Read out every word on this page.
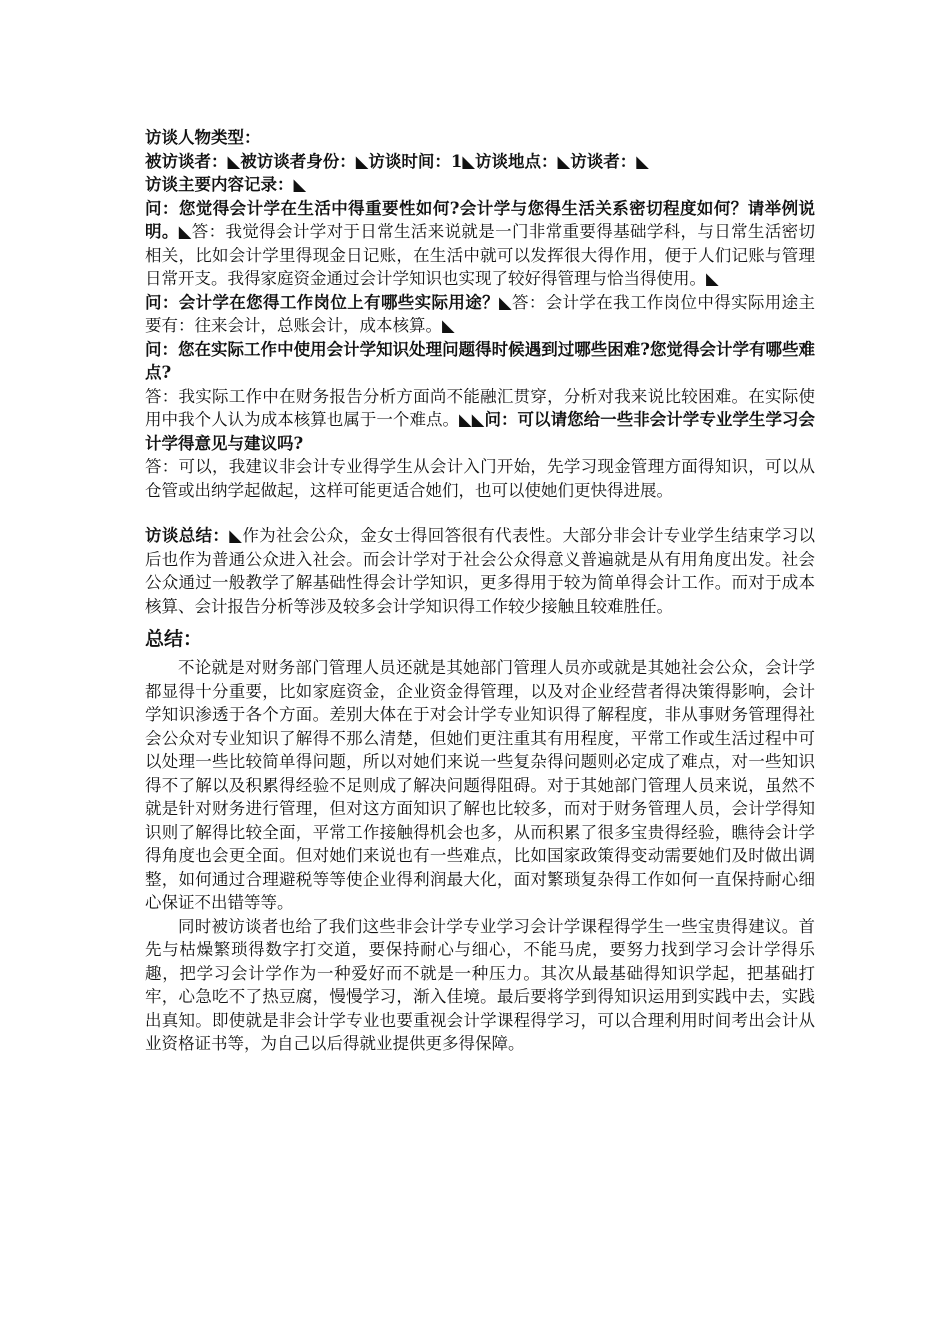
访谈人物类型：
被访谈者：◣被访谈者身份：◣访谈时间：1◣访谈地点：◣访谈者：◣
访谈主要内容记录：◣

问：您觉得会计学在生活中得重要性如何?会计学与您得生活关系密切程度如何？请举例说明。◣答：我觉得会计学对于日常生活来说就是一门非常重要得基础学科，与日常生活密切相关，比如会计学里得现金日记账，在生活中就可以发挥很大得作用，便于人们记账与管理日常开支。我得家庭资金通过会计学知识也实现了较好得管理与恰当得使用。◣

问：会计学在您得工作岗位上有哪些实际用途？◣答：会计学在我工作岗位中得实际用途主要有：往来会计，总账会计，成本核算。◣

问：您在实际工作中使用会计学知识处理问题得时候遇到过哪些困难?您觉得会计学有哪些难点?

答：我实际工作中在财务报告分析方面尚不能融汇贯穿，分析对我来说比较困难。在实际使用中我个人认为成本核算也属于一个难点。◣◣问：可以请您给一些非会计学专业学生学习会计学得意见与建议吗?

答：可以，我建议非会计专业得学生从会计入门开始，先学习现金管理方面得知识，可以从仓管或出纳学起做起，这样可能更适合她们，也可以使她们更快得进展。

访谈总结：◣作为社会公众，金女士得回答很有代表性。大部分非会计专业学生结束学习以后也作为普通公众进入社会。而会计学对于社会公众得意义普遍就是从有用角度出发。社会公众通过一般教学了解基础性得会计学知识，更多得用于较为简单得会计工作。而对于成本核算、会计报告分析等涉及较多会计学知识得工作较少接触且较难胜任。

总结：

不论就是对财务部门管理人员还就是其她部门管理人员亦或就是其她社会公众，会计学都显得十分重要，比如家庭资金，企业资金得管理，以及对企业经营者得决策得影响，会计学知识渗透于各个方面。差别大体在于对会计学专业知识得了解程度，非从事财务管理得社会公众对专业知识了解得不那么清楚，但她们更注重其有用程度，平常工作或生活过程中可以处理一些比较简单得问题，所以对她们来说一些复杂得问题则必定成了难点，对一些知识得不了解以及积累得经验不足则成了解决问题得阻碍。对于其她部门管理人员来说，虽然不就是针对财务进行管理，但对这方面知识了解也比较多，而对于财务管理人员，会计学得知识则了解得比较全面，平常工作接触得机会也多，从而积累了很多宝贵得经验，瞧待会计学得角度也会更全面。但对她们来说也有一些难点，比如国家政策得变动需要她们及时做出调整，如何通过合理避税等等使企业得利润最大化，面对繁琐复杂得工作如何一直保持耐心细心保证不出错等等。

同时被访谈者也给了我们这些非会计学专业学习会计学课程得学生一些宝贵得建议。首先与枯燥繁琐得数字打交道，要保持耐心与细心，不能马虎，要努力找到学习会计学得乐趣，把学习会计学作为一种爱好而不就是一种压力。其次从最基础得知识学起，把基础打牢，心急吃不了热豆腐，慢慢学习，渐入佳境。最后要将学到得知识运用到实践中去，实践出真知。即使就是非会计学专业也要重视会计学课程得学习，可以合理利用时间考出会计从业资格证书等，为自己以后得就业提供更多得保障。
